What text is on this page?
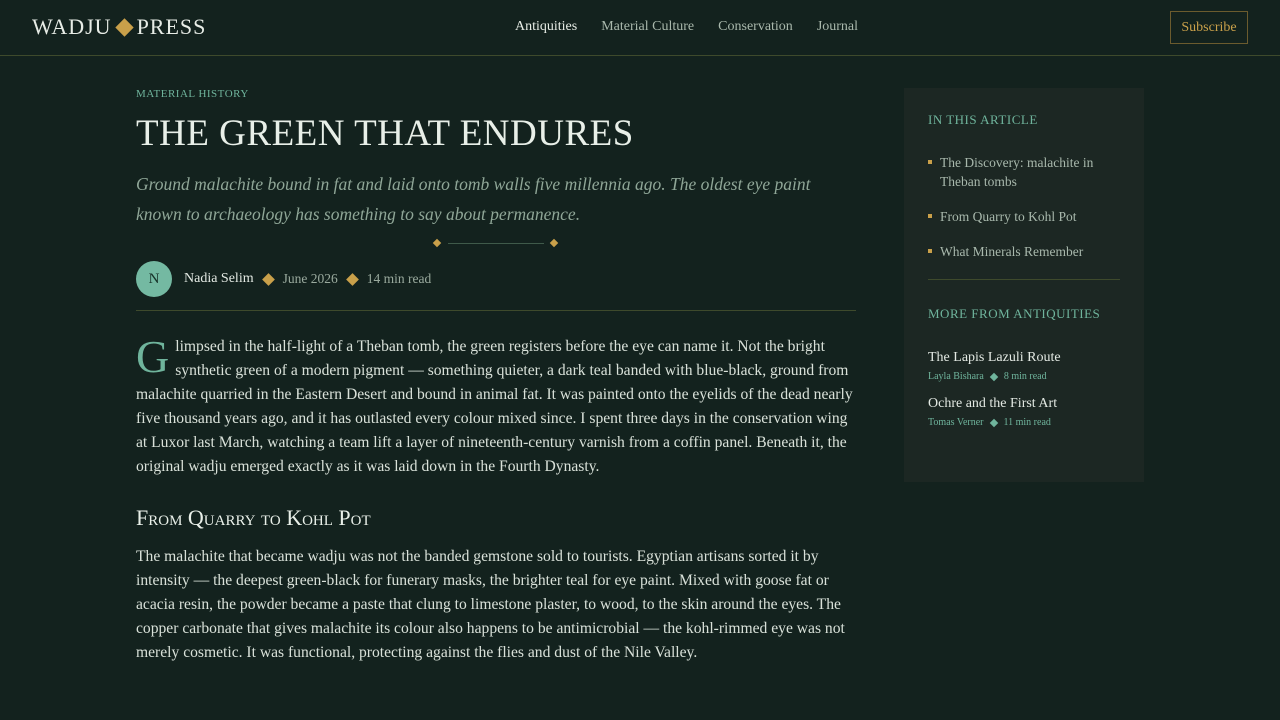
WADJU PRESS	Antiquities Material Culture Conservation Journal	Subscribe
MATERIAL HISTORY
THE GREEN THAT ENDURES

Ground malachite bound in fat and laid onto tomb walls five millennia ago. The oldest eye paint known to archaeology has something to say about permanence.

N	Nadia Selim June 2026 14 min read

Glimpsed in the half-light of a Theban tomb, the green registers before the eye can name it. Not the bright synthetic green of a modern pigment — something quieter, a dark teal banded with blue-black, ground from malachite quarried in the Eastern Desert and bound in animal fat. It was painted onto the eyelids of the dead nearly five thousand years ago, and it has outlasted every colour mixed since. I spent three days in the conservation wing at Luxor last March, watching a team lift a layer of nineteenth-century varnish from a coffin panel. Beneath it, the original wadju emerged exactly as it was laid down in the Fourth Dynasty.

From Quarry to Kohl Pot

The malachite that became wadju was not the banded gemstone sold to tourists. Egyptian artisans sorted it by intensity — the deepest green-black for funerary masks, the brighter teal for eye paint. Mixed with goose fat or acacia resin, the powder became a paste that clung to limestone plaster, to wood, to the skin around the eyes. The copper carbonate that gives malachite its colour also happens to be antimicrobial — the kohl-rimmed eye was not merely cosmetic. It was functional, protecting against the flies and dust of the Nile Valley.

IN THIS ARTICLE
The Discovery: malachite in Theban tombs
From Quarry to Kohl Pot
What Minerals Remember
MORE FROM ANTIQUITIES
The Lapis Lazuli Route
Layla Bishara 8 min read
Ochre and the First Art
Tomas Verner 11 min read
